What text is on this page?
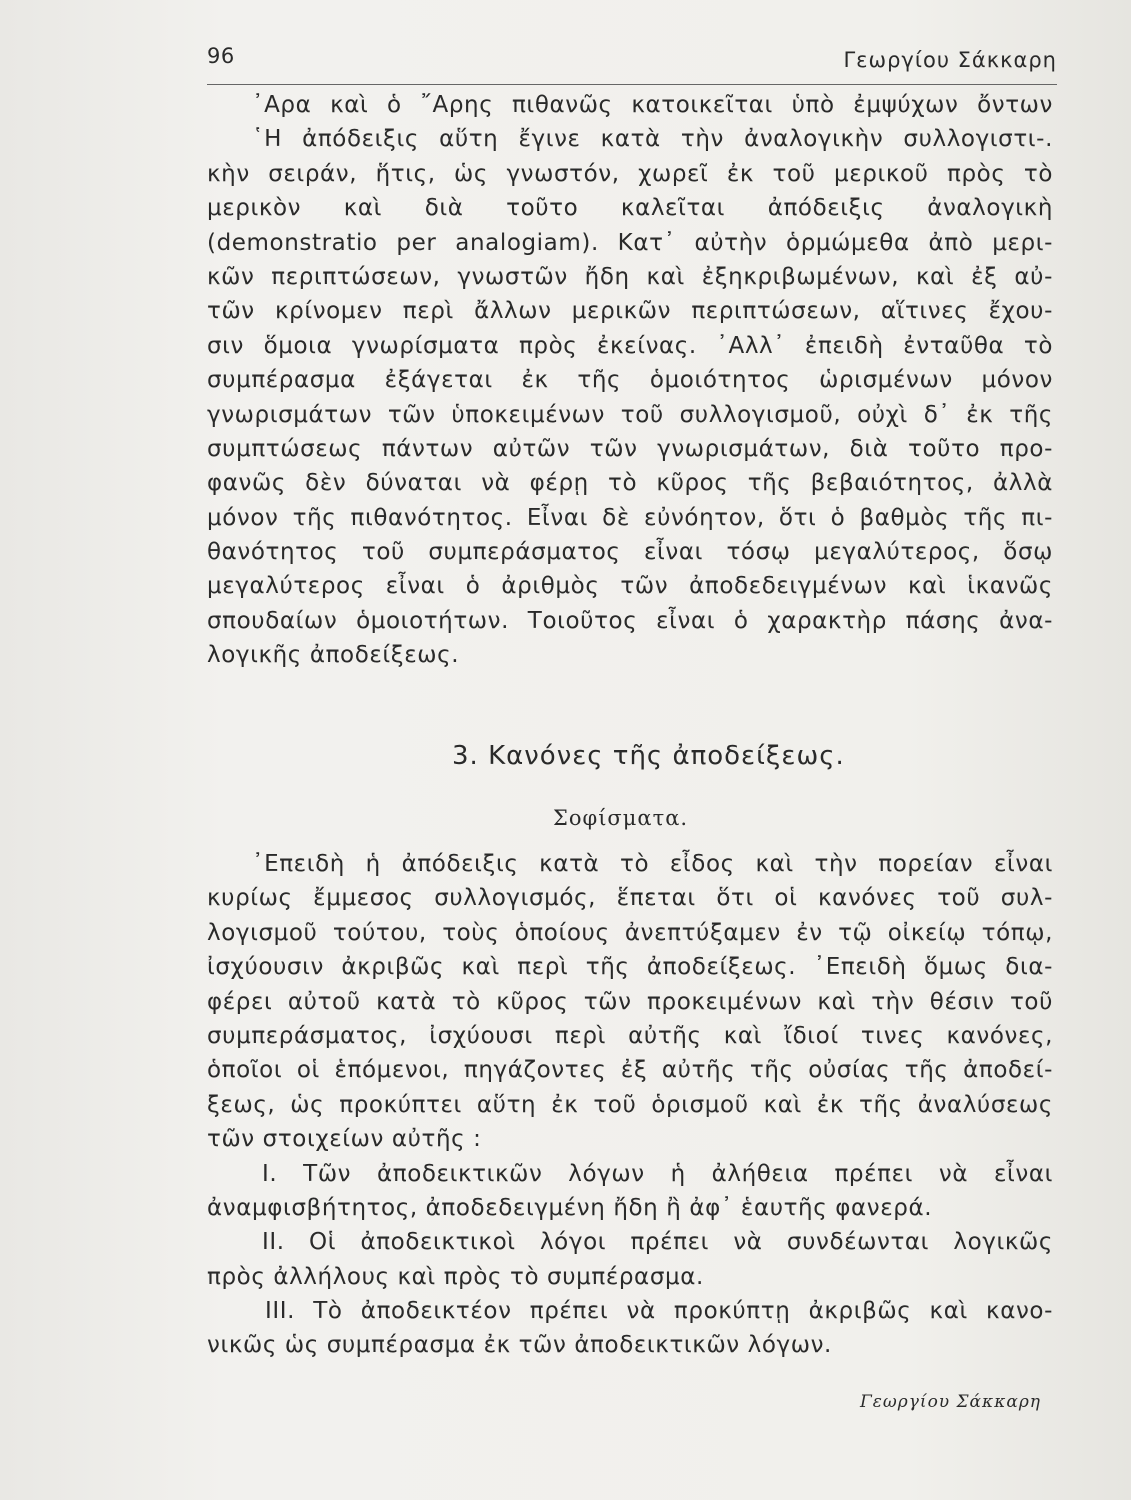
96	Γεωργίου Σάκκαρη
᾿Αρα καὶ ὁ ῎Αρης πιθανῶς κατοικεῖται ὑπὸ ἐμψύχων ὄντων
῾Η ἀπόδειξις αὕτη ἔγινε κατὰ τὴν ἀναλογικὴν συλλογιστι-.
κὴν σειράν, ἥτις, ὡς γνωστόν, χωρεῖ ἐκ τοῦ μερικοῦ πρὸς τὸ
μερικὸν καὶ διὰ τοῦτο καλεῖται ἀπόδειξις ἀναλογικὴ
(demonstratio per analogiam). Κατ᾿ αὐτὴν ὁρμώμεθα ἀπὸ μερι-
κῶν περιπτώσεων, γνωστῶν ἤδη καὶ ἐξηκριβωμένων, καὶ ἐξ αὐ-
τῶν κρίνομεν περὶ ἄλλων μερικῶν περιπτώσεων, αἵτινες ἔχου-
σιν ὅμοια γνωρίσματα πρὸς ἐκείνας. ᾿Αλλ᾿ ἐπειδὴ ἐνταῦθα τὸ
συμπέρασμα ἐξάγεται ἐκ τῆς ὁμοιότητος ὡρισμένων μόνον
γνωρισμάτων τῶν ὑποκειμένων τοῦ συλλογισμοῦ, οὐχὶ δ᾿ ἐκ τῆς
συμπτώσεως πάντων αὐτῶν τῶν γνωρισμάτων, διὰ τοῦτο προ-
φανῶς δὲν δύναται νὰ φέρῃ τὸ κῦρος τῆς βεβαιότητος, ἀλλὰ
μόνον τῆς πιθανότητος. Εἶναι δὲ εὐνόητον, ὅτι ὁ βαθμὸς τῆς πι-
θανότητος τοῦ συμπεράσματος εἶναι τόσῳ μεγαλύτερος, ὅσῳ
μεγαλύτερος εἶναι ὁ ἀριθμὸς τῶν ἀποδεδειγμένων καὶ ἱκανῶς
σπουδαίων ὁμοιοτήτων. Τοιοῦτος εἶναι ὁ χαρακτὴρ πάσης ἀνα-
λογικῆς ἀποδείξεως.
3. Κανόνες τῆς ἀποδείξεως.
Σοφίσματα.
᾿Επειδὴ ἡ ἀπόδειξις κατὰ τὸ εἶδος καὶ τὴν πορείαν εἶναι
κυρίως ἔμμεσος συλλογισμός, ἕπεται ὅτι οἱ κανόνες τοῦ συλ-
λογισμοῦ τούτου, τοὺς ὁποίους ἀνεπτύξαμεν ἐν τῷ οἰκείῳ τόπῳ,
ἰσχύουσιν ἀκριβῶς καὶ περὶ τῆς ἀποδείξεως. ᾿Επειδὴ ὅμως δια-
φέρει αὐτοῦ κατὰ τὸ κῦρος τῶν προκειμένων καὶ τὴν θέσιν τοῦ
συμπεράσματος, ἰσχύουσι περὶ αὐτῆς καὶ ἴδιοί τινες κανόνες,
ὁποῖοι οἱ ἑπόμενοι, πηγάζοντες ἐξ αὐτῆς τῆς οὐσίας τῆς ἀποδεί-
ξεως, ὡς προκύπτει αὕτη ἐκ τοῦ ὁρισμοῦ καὶ ἐκ τῆς ἀναλύσεως
τῶν στοιχείων αὐτῆς :
I. Τῶν ἀποδεικτικῶν λόγων ἡ ἀλήθεια πρέπει νὰ εἶναι
ἀναμφισβήτητος, ἀποδεδειγμένη ἤδη ἢ ἀφ᾿ ἑαυτῆς φανερά.
II. Οἱ ἀποδεικτικοὶ λόγοι πρέπει νὰ συνδέωνται λογικῶς
πρὸς ἀλλήλους καὶ πρὸς τὸ συμπέρασμα.
III. Τὸ ἀποδεικτέον πρέπει νὰ προκύπτῃ ἀκριβῶς καὶ κανο-
νικῶς ὡς συμπέρασμα ἐκ τῶν ἀποδεικτικῶν λόγων.
Γεωργίου Σάκκαρη
